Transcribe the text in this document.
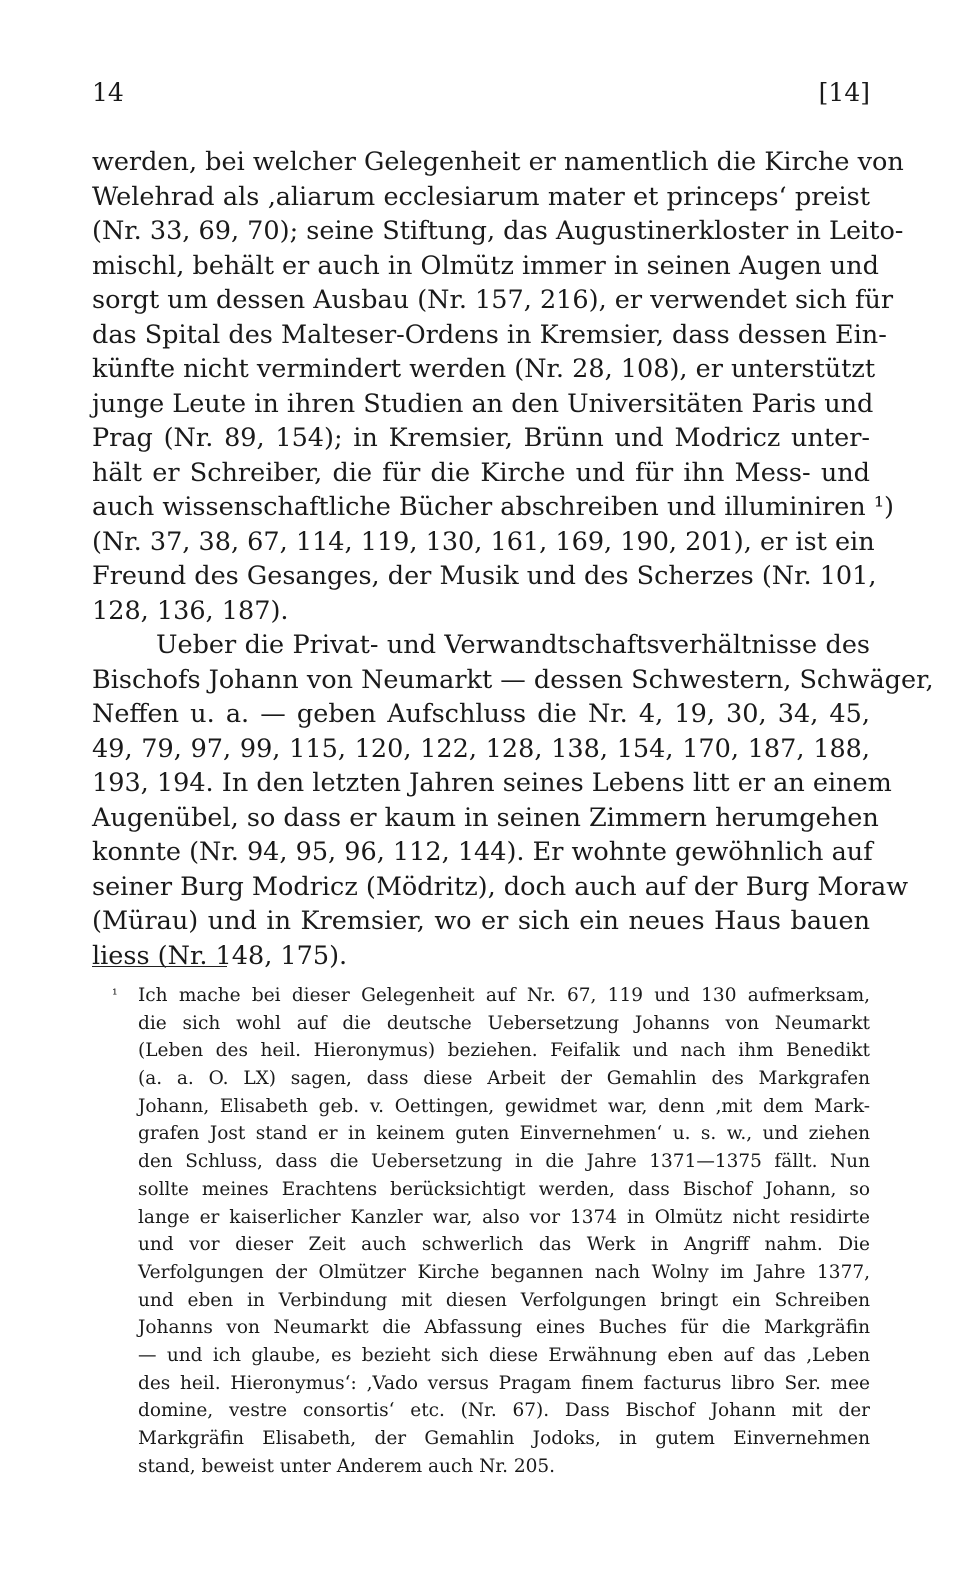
14	[14]
werden, bei welcher Gelegenheit er namentlich die Kirche von
Welehrad als ‚aliarum ecclesiarum mater et princeps‘ preist
(Nr. 33, 69, 70); seine Stiftung, das Augustinerkloster in Leito-
mischl, behält er auch in Olmütz immer in seinen Augen und
sorgt um dessen Ausbau (Nr. 157, 216), er verwendet sich für
das Spital des Malteser-Ordens in Kremsier, dass dessen Ein-
künfte nicht vermindert werden (Nr. 28, 108), er unterstützt
junge Leute in ihren Studien an den Universitäten Paris und
Prag (Nr. 89, 154); in Kremsier, Brünn und Modricz unter-
hält er Schreiber, die für die Kirche und für ihn Mess- und
auch wissenschaftliche Bücher abschreiben und illuminiren ¹)
(Nr. 37, 38, 67, 114, 119, 130, 161, 169, 190, 201), er ist ein
Freund des Gesanges, der Musik und des Scherzes (Nr. 101,
128, 136, 187).
Ueber die Privat- und Verwandtschaftsverhältnisse des
Bischofs Johann von Neumarkt — dessen Schwestern, Schwäger,
Neffen u. a. — geben Aufschluss die Nr. 4, 19, 30, 34, 45,
49, 79, 97, 99, 115, 120, 122, 128, 138, 154, 170, 187, 188,
193, 194. In den letzten Jahren seines Lebens litt er an einem
Augenübel, so dass er kaum in seinen Zimmern herumgehen
konnte (Nr. 94, 95, 96, 112, 144). Er wohnte gewöhnlich auf
seiner Burg Modricz (Mödritz), doch auch auf der Burg Moraw
(Mürau) und in Kremsier, wo er sich ein neues Haus bauen
liess (Nr. 148, 175).
¹ Ich mache bei dieser Gelegenheit auf Nr. 67, 119 und 130 aufmerksam,
die sich wohl auf die deutsche Uebersetzung Johanns von Neumarkt
(Leben des heil. Hieronymus) beziehen. Feifalik und nach ihm Benedikt
(a. a. O. LX) sagen, dass diese Arbeit der Gemahlin des Markgrafen
Johann, Elisabeth geb. v. Oettingen, gewidmet war, denn ‚mit dem Mark-
grafen Jost stand er in keinem guten Einvernehmen‘ u. s. w., und ziehen
den Schluss, dass die Uebersetzung in die Jahre 1371—1375 fällt. Nun
sollte meines Erachtens berücksichtigt werden, dass Bischof Johann, so
lange er kaiserlicher Kanzler war, also vor 1374 in Olmütz nicht residirte
und vor dieser Zeit auch schwerlich das Werk in Angriff nahm. Die
Verfolgungen der Olmützer Kirche begannen nach Wolny im Jahre 1377,
und eben in Verbindung mit diesen Verfolgungen bringt ein Schreiben
Johanns von Neumarkt die Abfassung eines Buches für die Markgräfin
— und ich glaube, es bezieht sich diese Erwähnung eben auf das ‚Leben
des heil. Hieronymus‘: ‚Vado versus Pragam finem facturus libro Ser. mee
domine, vestre consortis‘ etc. (Nr. 67). Dass Bischof Johann mit der
Markgräfin Elisabeth, der Gemahlin Jodoks, in gutem Einvernehmen
stand, beweist unter Anderem auch Nr. 205.
